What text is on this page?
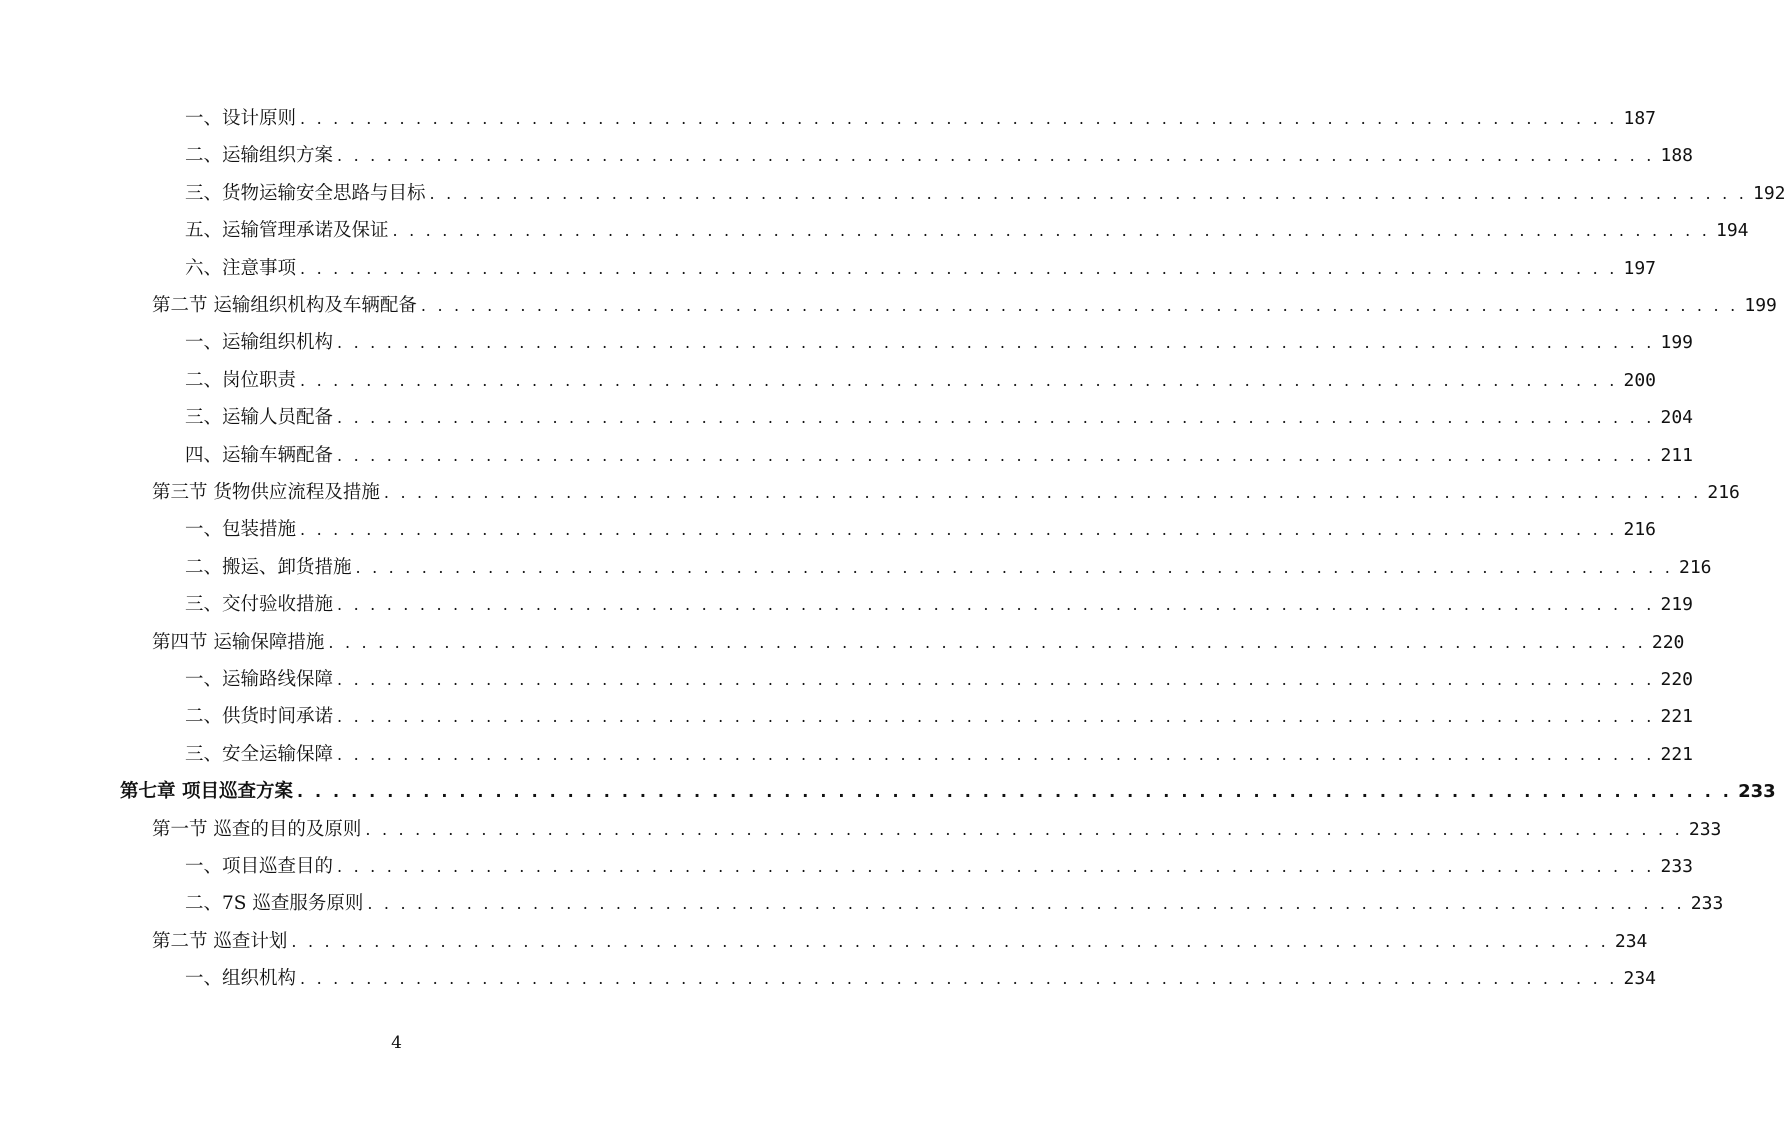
一、设计原则 . . . . . . . . . . . . . . . . . . . . . . . . . . . . . . . . . . . . . . . . . . . . . . . . . . . . . . . . . . . . . . . . . . . . . . . . . . . . . . . . 187
二、运输组织方案 . . . . . . . . . . . . . . . . . . . . . . . . . . . . . . . . . . . . . . . . . . . . . . . . . . . . . . . . . . . . . . . . . . . . . . . . . . . . . . . . 188
三、货物运输安全思路与目标 . . . . . . . . . . . . . . . . . . . . . . . . . . . . . . . . . . . . . . . . . . . . . . . . . . . . . . . . . . . . . . . . . . . . . . . . . . . . . . . . 192
五、运输管理承诺及保证 . . . . . . . . . . . . . . . . . . . . . . . . . . . . . . . . . . . . . . . . . . . . . . . . . . . . . . . . . . . . . . . . . . . . . . . . . . . . . . . . 194
六、注意事项 . . . . . . . . . . . . . . . . . . . . . . . . . . . . . . . . . . . . . . . . . . . . . . . . . . . . . . . . . . . . . . . . . . . . . . . . . . . . . . . . 197
第二节 运输组织机构及车辆配备 . . . . . . . . . . . . . . . . . . . . . . . . . . . . . . . . . . . . . . . . . . . . . . . . . . . . . . . . . . . . . . . . . . . . . . . . . . . . . . . . 199
一、运输组织机构 . . . . . . . . . . . . . . . . . . . . . . . . . . . . . . . . . . . . . . . . . . . . . . . . . . . . . . . . . . . . . . . . . . . . . . . . . . . . . . . . 199
二、岗位职责 . . . . . . . . . . . . . . . . . . . . . . . . . . . . . . . . . . . . . . . . . . . . . . . . . . . . . . . . . . . . . . . . . . . . . . . . . . . . . . . . 200
三、运输人员配备 . . . . . . . . . . . . . . . . . . . . . . . . . . . . . . . . . . . . . . . . . . . . . . . . . . . . . . . . . . . . . . . . . . . . . . . . . . . . . . . . 204
四、运输车辆配备 . . . . . . . . . . . . . . . . . . . . . . . . . . . . . . . . . . . . . . . . . . . . . . . . . . . . . . . . . . . . . . . . . . . . . . . . . . . . . . . . 211
第三节 货物供应流程及措施 . . . . . . . . . . . . . . . . . . . . . . . . . . . . . . . . . . . . . . . . . . . . . . . . . . . . . . . . . . . . . . . . . . . . . . . . . . . . . . . . 216
一、包装措施 . . . . . . . . . . . . . . . . . . . . . . . . . . . . . . . . . . . . . . . . . . . . . . . . . . . . . . . . . . . . . . . . . . . . . . . . . . . . . . . . 216
二、搬运、卸货措施 . . . . . . . . . . . . . . . . . . . . . . . . . . . . . . . . . . . . . . . . . . . . . . . . . . . . . . . . . . . . . . . . . . . . . . . . . . . . . . . . 216
三、交付验收措施 . . . . . . . . . . . . . . . . . . . . . . . . . . . . . . . . . . . . . . . . . . . . . . . . . . . . . . . . . . . . . . . . . . . . . . . . . . . . . . . . 219
第四节 运输保障措施 . . . . . . . . . . . . . . . . . . . . . . . . . . . . . . . . . . . . . . . . . . . . . . . . . . . . . . . . . . . . . . . . . . . . . . . . . . . . . . . . 220
一、运输路线保障 . . . . . . . . . . . . . . . . . . . . . . . . . . . . . . . . . . . . . . . . . . . . . . . . . . . . . . . . . . . . . . . . . . . . . . . . . . . . . . . . 220
二、供货时间承诺 . . . . . . . . . . . . . . . . . . . . . . . . . . . . . . . . . . . . . . . . . . . . . . . . . . . . . . . . . . . . . . . . . . . . . . . . . . . . . . . . 221
三、安全运输保障 . . . . . . . . . . . . . . . . . . . . . . . . . . . . . . . . . . . . . . . . . . . . . . . . . . . . . . . . . . . . . . . . . . . . . . . . . . . . . . . . 221
第七章 项目巡查方案 . . . . . . . . . . . . . . . . . . . . . . . . . . . . . . . . . . . . . . . . . . . . . . . . . . . . . . . . . . . . . . . . . . . . . . . . . . . . . . . . 233
第一节 巡查的目的及原则 . . . . . . . . . . . . . . . . . . . . . . . . . . . . . . . . . . . . . . . . . . . . . . . . . . . . . . . . . . . . . . . . . . . . . . . . . . . . . . . . 233
一、项目巡查目的 . . . . . . . . . . . . . . . . . . . . . . . . . . . . . . . . . . . . . . . . . . . . . . . . . . . . . . . . . . . . . . . . . . . . . . . . . . . . . . . . 233
二、7S 巡查服务原则 . . . . . . . . . . . . . . . . . . . . . . . . . . . . . . . . . . . . . . . . . . . . . . . . . . . . . . . . . . . . . . . . . . . . . . . . . . . . . . . . 233
第二节 巡查计划 . . . . . . . . . . . . . . . . . . . . . . . . . . . . . . . . . . . . . . . . . . . . . . . . . . . . . . . . . . . . . . . . . . . . . . . . . . . . . . . . 234
一、组织机构 . . . . . . . . . . . . . . . . . . . . . . . . . . . . . . . . . . . . . . . . . . . . . . . . . . . . . . . . . . . . . . . . . . . . . . . . . . . . . . . . 234
4
